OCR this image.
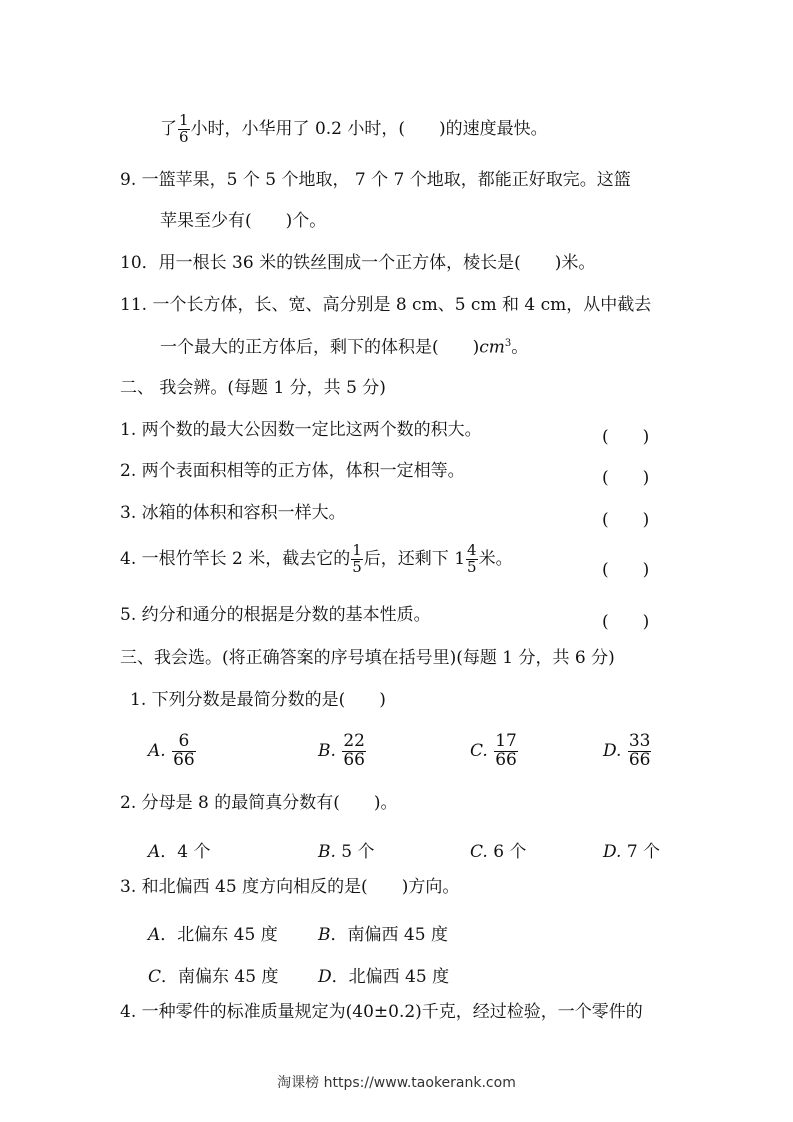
了 $\frac{1}{6}$ 小时，小华用了 0.2 小时，(　　)的速度最快。
9. 一篮苹果，5 个 5 个地取， 7 个 7 个地取，都能正好取完。这篮
苹果至少有(　　)个。
10．用一根长 36 米的铁丝围成一个正方体，棱长是(　　)米。
11. 一个长方体，长、宽、高分别是 8 cm、5 cm 和 4 cm，从中截去
一个最大的正方体后，剩下的体积是(　　)$cm^3$。
二、 我会辨。(每题 1 分，共 5 分)
1. 两个数的最大公因数一定比这两个数的积大。	(　　)
2. 两个表面积相等的正方体，体积一定相等。	(　　)
3. 冰箱的体积和容积一样大。	(　　)
4. 一根竹竿长 2 米，截去它的 $\frac{1}{5}$ 后，还剩下 $1 \frac{4}{5}$ 米。
(　　)
5. 约分和通分的根据是分数的基本性质。	(　　)
三、我会选。(将正确答案的序号填在括号里)(每题 1 分，共 6 分)
1. 下列分数是最简分数的是(　　)
A. $\frac{6}{66}$	B. $\frac{22}{66}$	C. $\frac{17}{66}$	D. $\frac{33}{66}$
2. 分母是 8 的最简真分数有(　　)。
A．4 个	B. 5 个	C. 6 个	D. 7 个
3. 和北偏西 45 度方向相反的是(　　)方向。
A．北偏东 45 度 B．南偏西 45 度
C．南偏东 45 度 D．北偏西 45 度
4. 一种零件的标准质量规定为(40±0.2)千克，经过检验，一个零件的
淘课榜 https://www.taokerank.com
